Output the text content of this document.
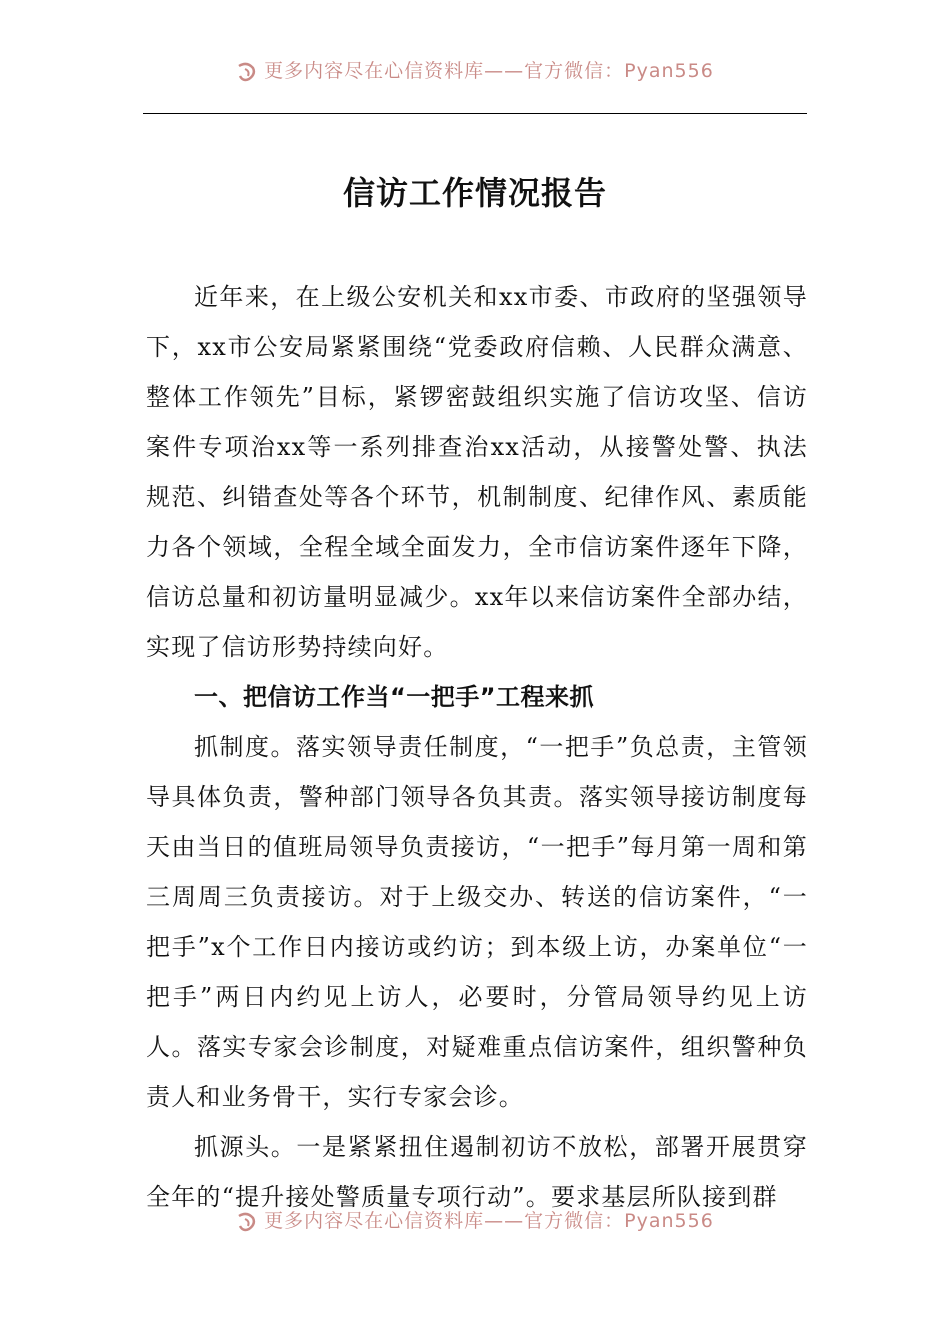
更多内容尽在心信资料库——官方微信：Pyan556
信访工作情况报告

近年来，在上级公安机关和xx市委、市政府的坚强领导下，xx市公安局紧紧围绕“党委政府信赖、人民群众满意、整体工作领先”目标，紧锣密鼓组织实施了信访攻坚、信访案件专项治xx等一系列排查治xx活动，从接警处警、执法规范、纠错查处等各个环节，机制制度、纪律作风、素质能力各个领域，全程全域全面发力，全市信访案件逐年下降，信访总量和初访量明显减少。xx年以来信访案件全部办结，实现了信访形势持续向好。

一、把信访工作当“一把手”工程来抓

抓制度。落实领导责任制度，“一把手”负总责，主管领导具体负责，警种部门领导各负其责。落实领导接访制度每天由当日的值班局领导负责接访，“一把手”每月第一周和第三周周三负责接访。对于上级交办、转送的信访案件，“一把手”x个工作日内接访或约访；到本级上访，办案单位“一把手”两日内约见上访人，必要时，分管局领导约见上访人。落实专家会诊制度，对疑难重点信访案件，组织警种负责人和业务骨干，实行专家会诊。

抓源头。一是紧紧扭住遏制初访不放松，部署开展贯穿全年的“提升接处警质量专项行动”。要求基层所队接到群

更多内容尽在心信资料库——官方微信：Pyan556
